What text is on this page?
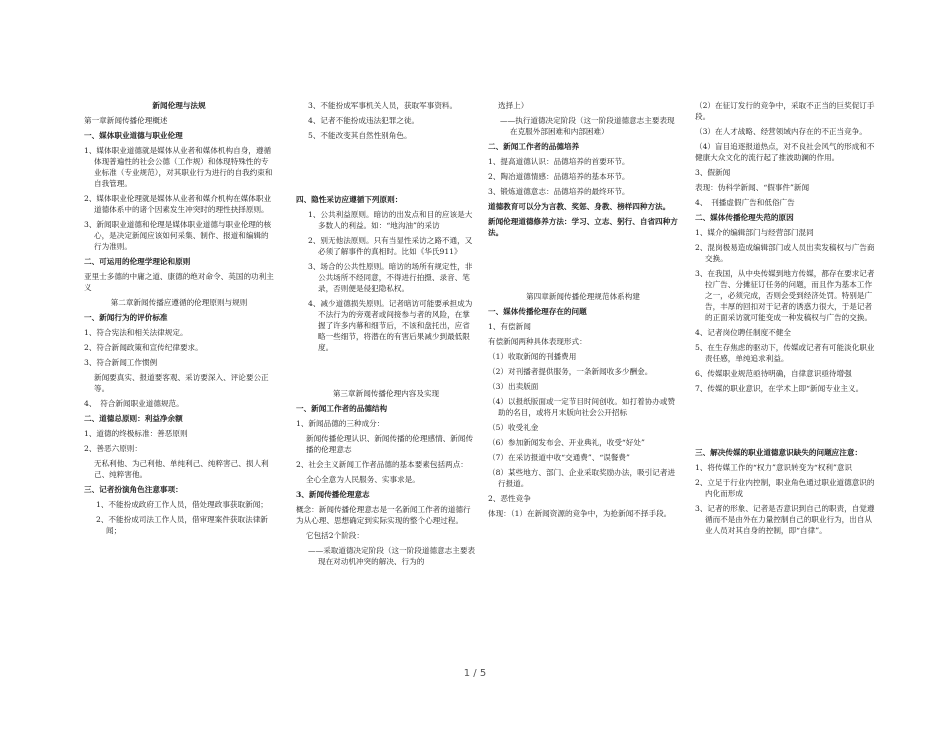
新闻伦理与法规

第一章新闻传播伦理概述

一、媒体职业道德与职业伦理

1、媒体职业道德就是媒体从业者和媒体机构自身，遵循体现普遍性的社会公德（工作规）和体现特殊性的专业标准（专业规范），对其职业行为进行的自我约束和自我管理。

2、媒体职业伦理就是媒体从业者和媒介机构在媒体职业道德体系中的诸个因素发生冲突时的理性抉择原则。

3、新闻职业道德和伦理是媒体职业道德与职业伦理的核心，是决定新闻应该如何采集、制作、报道和编辑的行为准则。

二、可运用的伦理学理论和原则

亚里士多德的中庸之道、康德的绝对命令、英国的功利主义

第二章新闻传播应遵循的伦理原则与规则

一、新闻行为的评价标准

1、符合宪法和相关法律规定。

2、符合新闻政策和宣传纪律要求。

3、符合新闻工作惯例

新闻要真实、报道要客观、采访要深入、评论要公正等。

4、　符合新闻职业道德规范。

二、道德总原则：利益净余额

1、道德的终极标准：善恶原则

2、善恶六原则：

无私利他、为己利他、单纯利己、纯粹害己、损人利己、纯粹害他。

三、记者扮演角色注意事项：

1、不能扮成政府工作人员，借处理政事获取新闻；

2、不能扮成司法工作人员，借审理案件获取法律新闻；

3、不能扮成军事机关人员，获取军事资料。

4、记者不能扮成违法犯罪之徒。

5、不能改变其自然性别角色。

四、隐性采访应遵循下列原则：

1、公共利益原则。暗访的出发点和目的应该是大多数人的利益。如：“地沟油”的采访

2、别无他法原则。只有当显性采访之路不通，又必须了解事件的真相时。比如《华氏911》

3、场合的公共性原则。暗访的场所有规定性，非公共场所不经同意，不得进行拍摄、录音、笔录，否则便是侵犯隐私权。

4、减少道德损失原则。记者暗访可能要承担成为不法行为的旁观者或间接参与者的风险，在掌握了许多内幕和细节后，不该和盘托出，应省略一些细节，将潜在的有害后果减少到最低限度。

第三章新闻传播伦理内容及实现

一、新闻工作者的品德结构

1、新闻品德的三种成分：

新闻传播伦理认识、新闻传播的伦理感情、新闻传播的伦理意志

2、社会主义新闻工作者品德的基本要素包括两点：

全心全意为人民服务、实事求是。

3、新闻传播伦理意志

概念：新闻传播伦理意志是一名新闻工作者的道德行为从心理、思想确定到实际实现的整个心理过程。

它包括2个阶段：

——采取道德决定阶段（这一阶段道德意志主要表现在对动机冲突的解决、行为的

选择上）

——执行道德决定阶段（这一阶段道德意志主要表现在克服外部困难和内部困难）

二、新闻工作者的品德培养

1、提高道德认识：品德培养的首要环节。

2、陶冶道德情感：品德培养的基本环节。

3、锻炼道德意志：品德培养的最终环节。

道德教育可以分为言教、奖惩、身教、榜样四种方法。

新闻伦理道德修养方法：学习、立志、躬行、自省四种方法。

第四章新闻传播伦理规范体系构建

一、媒体传播伦理存在的问题

1、有偿新闻

有偿新闻两种具体表现形式：

（1）收取新闻的刊播费用

（2）对刊播者提供服务，一条新闻收多少酬金。

（3）出卖版面

（4）以报纸版面或一定节目时间创收。如打着协办或赞助的名目，或将月末版向社会公开招标

（5）收受礼金

（6）参加新闻发布会、开业典礼，收受“好处”

（7）在采访报道中收“交通费”、“误餐费”

（8）某些地方、部门、企业采取奖励办法，吸引记者进行报道。

2、恶性竞争

体现：（1）在新闻资源的竞争中，为抢新闻不择手段。

（2）在征订发行的竞争中，采取不正当的巨奖促订手段。

（3）在人才战略、经营领域内存在的不正当竞争。

（4）盲目追逐报道热点，对不良社会风气的形成和不健康大众文化的流行起了推波助澜的作用。

3、假新闻

表现：伪科学新闻、“假事件”新闻

4、　刊播虚假广告和低俗广告

二、媒体传播伦理失范的原因

1、媒介的编辑部门与经营部门混同

2、混岗极易造成编辑部门或人员出卖发稿权与广告商交换。

3、在我国，从中央传媒到地方传媒，都存在要求记者拉广告、分摊征订任务的问题，而且作为基本工作之一，必须完成，否则会受到经济处罚。特别是广告，丰厚的回扣对于记者的诱惑力很大，于是记者的正面采访就可能变成一种发稿权与广告的交换。

4、记者岗位聘任制度不健全

5、在生存焦虑的驱动下，传媒或记者有可能淡化职业责任感，单纯追求利益。

6、传媒职业规范亟待明确，自律意识亟待增强

7、传媒的职业意识，在学术上即“新闻专业主义。

三、解决传媒的职业道德意识缺失的问题应注意：

1、将传媒工作的“权力”意识转变为“权利”意识

2、立足于行业内控制，职业角色通过职业道德意识的内化而形成

3、记者的形象、记者是否意识到自己的职责，自觉遵循而不是由外在力量控制自己的职业行为，出自从业人员对其自身的控制，即“自律”。

1 / 5
